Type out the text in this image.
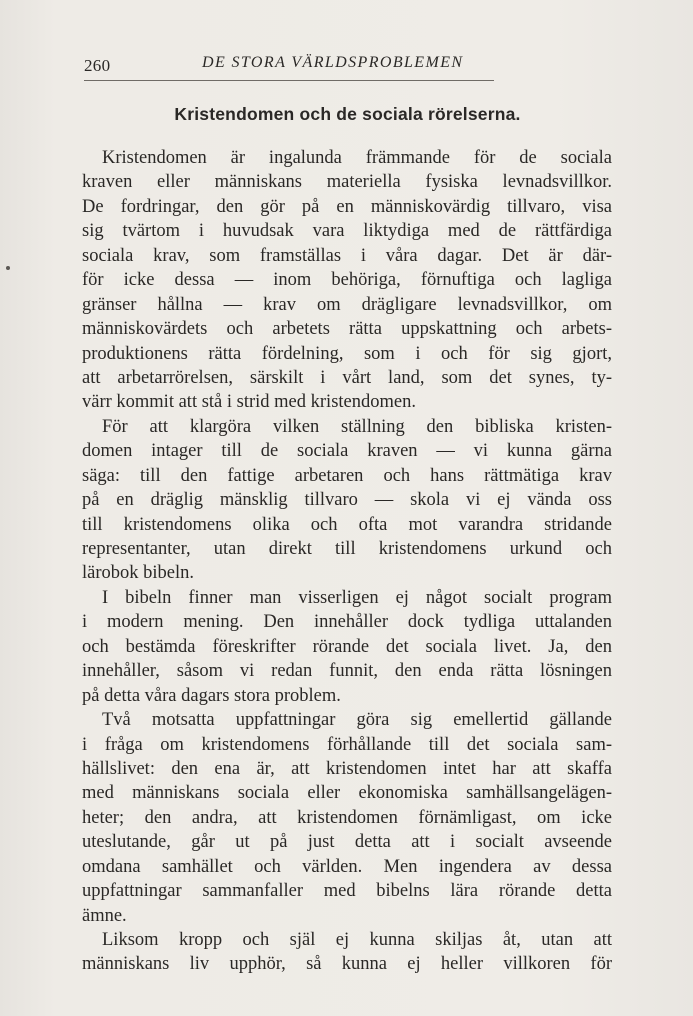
260	DE STORA VÄRLDSPROBLEMEN
Kristendomen och de sociala rörelserna.
Kristendomen är ingalunda främmande för de sociala
kraven eller människans materiella fysiska levnadsvillkor.
De fordringar, den gör på en människovärdig tillvaro, visa
sig tvärtom i huvudsak vara liktydiga med de rättfärdiga
sociala krav, som framställas i våra dagar. Det är där-
för icke dessa — inom behöriga, förnuftiga och lagliga
gränser hållna — krav om drägligare levnadsvillkor, om
människovärdets och arbetets rätta uppskattning och arbets-
produktionens rätta fördelning, som i och för sig gjort,
att arbetarrörelsen, särskilt i vårt land, som det synes, ty-
värr kommit att stå i strid med kristendomen.
För att klargöra vilken ställning den bibliska kristen-
domen intager till de sociala kraven — vi kunna gärna
säga: till den fattige arbetaren och hans rättmätiga krav
på en dräglig mänsklig tillvaro — skola vi ej vända oss
till kristendomens olika och ofta mot varandra stridande
representanter, utan direkt till kristendomens urkund och
lärobok bibeln.
I bibeln finner man visserligen ej något socialt program
i modern mening. Den innehåller dock tydliga uttalanden
och bestämda föreskrifter rörande det sociala livet. Ja, den
innehåller, såsom vi redan funnit, den enda rätta lösningen
på detta våra dagars stora problem.
Två motsatta uppfattningar göra sig emellertid gällande
i fråga om kristendomens förhållande till det sociala sam-
hällslivet: den ena är, att kristendomen intet har att skaffa
med människans sociala eller ekonomiska samhällsangelägen-
heter; den andra, att kristendomen förnämligast, om icke
uteslutande, går ut på just detta att i socialt avseende
omdana samhället och världen. Men ingendera av dessa
uppfattningar sammanfaller med bibelns lära rörande detta
ämne.
Liksom kropp och själ ej kunna skiljas åt, utan att
människans liv upphör, så kunna ej heller villkoren för
